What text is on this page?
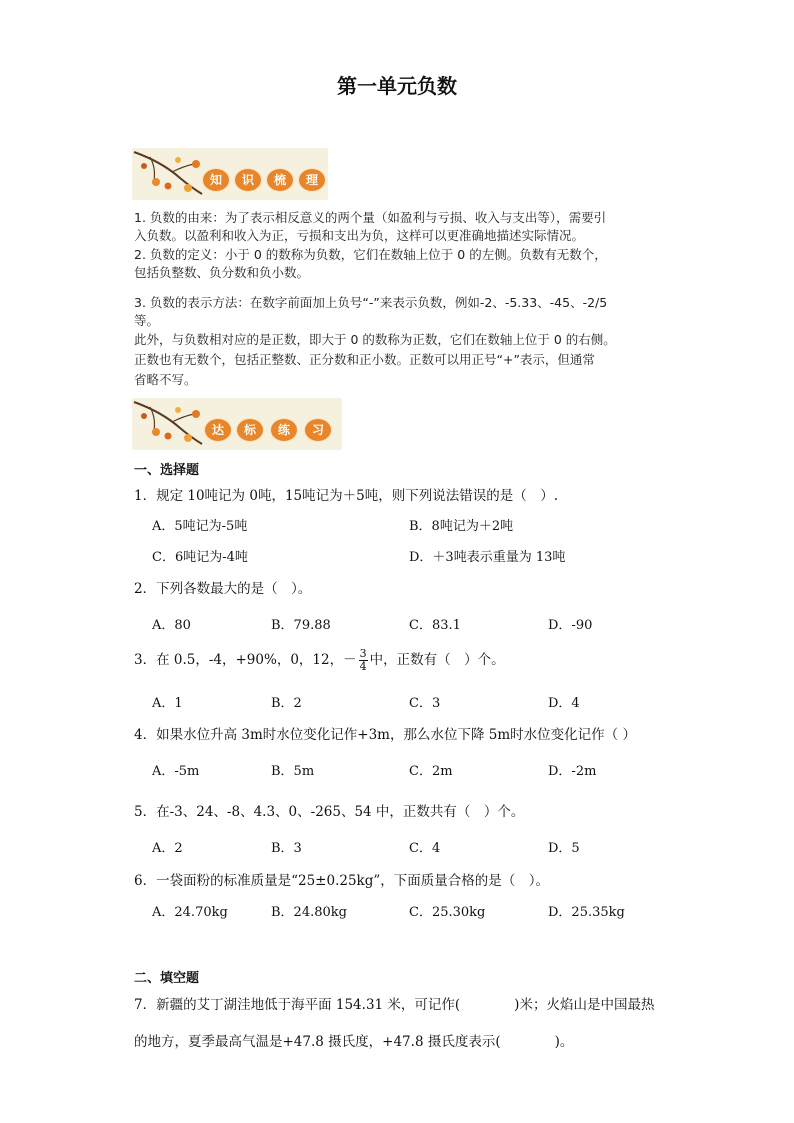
第一单元负数
知	识	梳	理
1. 负数的由来：为了表示相反意义的两个量（如盈利与亏损、收入与支出等），需要引
入负数。以盈利和收入为正，亏损和支出为负，这样可以更准确地描述实际情况。
2. 负数的定义：小于 0 的数称为负数，它们在数轴上位于 0 的左侧。负数有无数个，
包括负整数、负分数和负小数。
3. 负数的表示方法：在数字前面加上负号“-”来表示负数，例如-2、-5.33、-45、-2/5
等。
此外，与负数相对应的是正数，即大于 0 的数称为正数，它们在数轴上位于 0 的右侧。
正数也有无数个，包括正整数、正分数和正小数。正数可以用正号“+”表示，但通常
省略不写。
达	标	练	习
一、选择题
1．规定 10吨记为 0吨，15吨记为＋5吨，则下列说法错误的是（　）.
A．5吨记为-5吨	B．8吨记为＋2吨
C．6吨记为-4吨	D．＋3吨表示重量为 13吨
2．下列各数最大的是（　）。
A．80	B．79.88	C．83.1	D．-90
3．在 0.5，-4，+90%，0，12，－ $\frac{3}{4}$ 中，正数有（　）个。
A．1	B．2	C．3	D．4
4．如果水位升高 3m时水位变化记作+3m，那么水位下降 5m时水位变化记作（ ）
A．-5m	B．5m	C．2m	D．-2m
5．在-3、24、-8、4.3、0、-265、54 中，正数共有（　）个。
A．2	B．3	C．4	D．5
6．一袋面粉的标准质量是“25±0.25kg”，下面质量合格的是（　）。
A．24.70kg	B．24.80kg	C．25.30kg	D．25.35kg
二、填空题
7．新疆的艾丁湖洼地低于海平面 154.31 米，可记作(　　　　)米；火焰山是中国最热
的地方，夏季最高气温是+47.8 摄氏度，+47.8 摄氏度表示(　　　　)。
